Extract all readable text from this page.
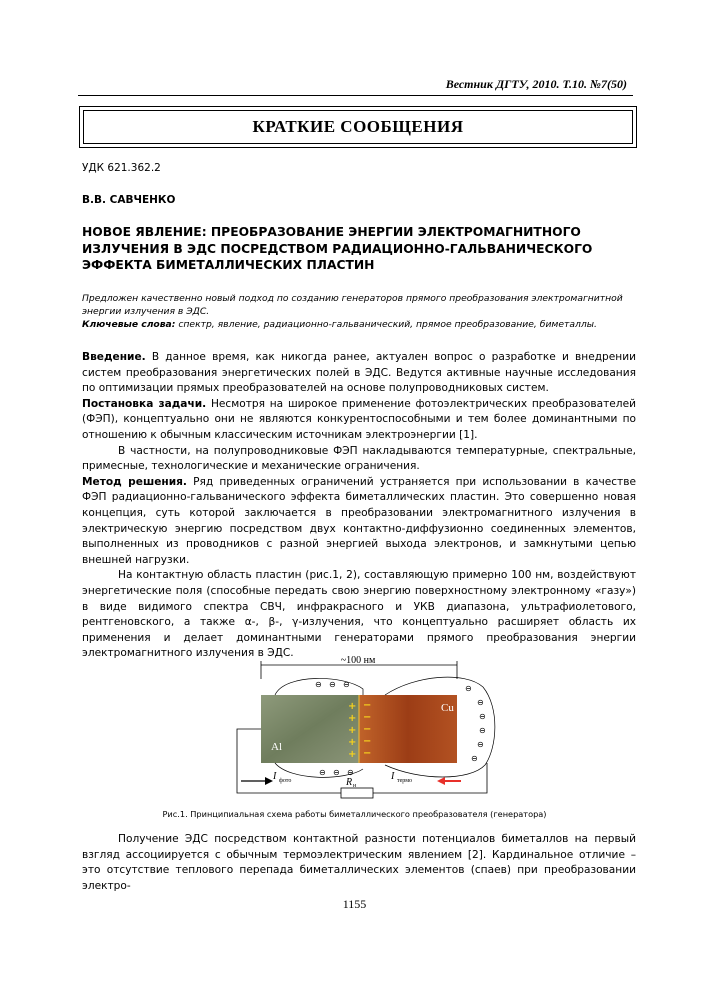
Вестник ДГТУ, 2010. Т.10. №7(50)
КРАТКИЕ СООБЩЕНИЯ
УДК 621.362.2
В.В. САВЧЕНКО
НОВОЕ ЯВЛЕНИЕ: ПРЕОБРАЗОВАНИЕ ЭНЕРГИИ ЭЛЕКТРОМАГНИТНОГО ИЗЛУЧЕНИЯ В ЭДС ПОСРЕДСТВОМ РАДИАЦИОННО-ГАЛЬВАНИЧЕСКОГО ЭФФЕКТА БИМЕТАЛЛИЧЕСКИХ ПЛАСТИН
Предложен качественно новый подход по созданию генераторов прямого преобразования электромагнитной энергии излучения в ЭДС.
Ключевые слова: спектр, явление, радиационно-гальванический, прямое преобразование, биметаллы.
Введение. В данное время, как никогда ранее, актуален вопрос о разработке и внедрении систем преобразования энергетических полей в ЭДС. Ведутся активные научные исследования по оптимизации прямых преобразователей на основе полупроводниковых систем.
Постановка задачи. Несмотря на широкое применение фотоэлектрических преобразователей (ФЭП), концептуально они не являются конкурентоспособными и тем более доминантными по отношению к обычным классическим источникам электроэнергии [1].
В частности, на полупроводниковые ФЭП накладываются температурные, спектральные, примесные, технологические и механические ограничения.
Метод решения. Ряд приведенных ограничений устраняется при использовании в качестве ФЭП радиационно-гальванического эффекта биметаллических пластин. Это совершенно новая концепция, суть которой заключается в преобразовании электромагнитного излучения в электрическую энергию посредством двух контактно-диффузионно соединенных элементов, выполненных из проводников с разной энергией выхода электронов, и замкнутыми цепью внешней нагрузки.
На контактную область пластин (рис.1, 2), составляющую примерно 100 нм, воздействуют энергетические поля (способные передать свою энергию поверхностному электронному «газу») в виде видимого спектра СВЧ, инфракрасного и УКВ диапазона, ультрафиолетового, рентгеновского, а также α-, β-, γ-излучения, что концептуально расширяет область их применения и делает доминантными генераторами прямого преобразования энергии электромагнитного излучения в ЭДС.
~100 нм
Al
Cu
+
+
+
+
+
−
−
−
−
−
⊖ ⊖ ⊖
⊖ ⊖ ⊖
⊖
⊖
⊖
⊖
⊖
⊖
R н
I фото	I термо
Рис.1. Принципиальная схема работы биметаллического преобразователя (генератора)
Получение ЭДС посредством контактной разности потенциалов биметаллов на первый взгляд ассоциируется с обычным термоэлектрическим явлением [2]. Кардинальное отличие – это отсутствие теплового перепада биметаллических элементов (спаев) при преобразовании электро-
1155
